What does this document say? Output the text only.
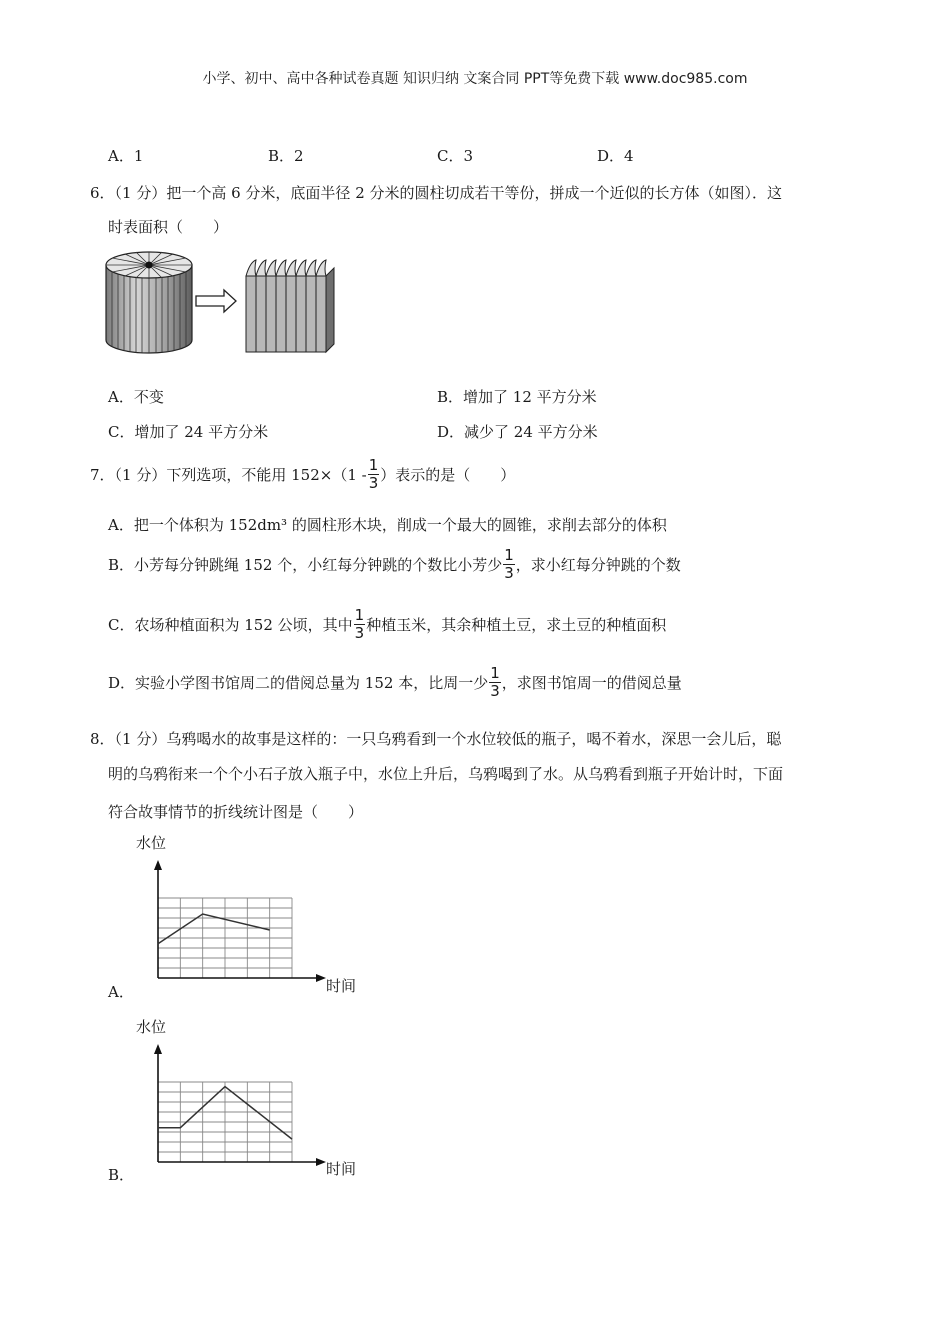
小学、初中、高中各种试卷真题 知识归纳 文案合同 PPT等免费下载 www.doc985.com
A．1	B．2	C．3	D．4
6．（1 分）把一个高 6 分米，底面半径 2 分米的圆柱切成若干等份，拼成一个近似的长方体（如图）．这
时表面积（　　）
A．不变	B．增加了 12 平方分米
C．增加了 24 平方分米	D．减少了 24 平方分米
7．（1 分）下列选项，不能用 $152\times(1 - \frac{1}{3}$ ）表示的是（　　）
A．把一个体积为 152dm³ 的圆柱形木块，削成一个最大的圆锥，求削去部分的体积
B．小芳每分钟跳绳 152 个，小红每分钟跳的个数比小芳少 $\frac{1}{3}$ ，求小红每分钟跳的个数
C．农场种植面积为 152 公顷，其中 $\frac{1}{3}$ 种植玉米，其余种植土豆，求土豆的种植面积
D．实验小学图书馆周二的借阅总量为 152 本，比周一少 $\frac{1}{3}$ ，求图书馆周一的借阅总量
8．（1 分）乌鸦喝水的故事是这样的：一只乌鸦看到一个水位较低的瓶子，喝不着水，深思一会儿后，聪
明的乌鸦衔来一个个小石子放入瓶子中，水位上升后，乌鸦喝到了水。从乌鸦看到瓶子开始计时，下面
符合故事情节的折线统计图是（　　）
水位
时间
A．
水位
时间
B．
